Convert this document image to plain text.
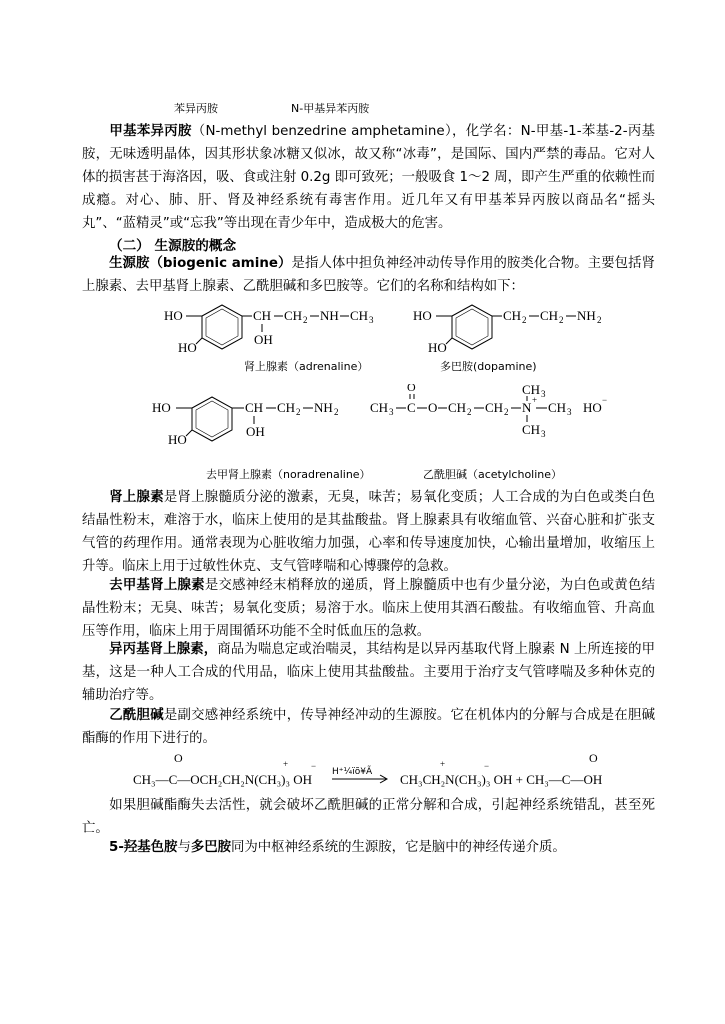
苯异丙胺	N-甲基异苯丙胺
甲基苯异丙胺（N-methyl benzedrine amphetamine），化学名：N-甲基-1-苯基-2-丙基胺，无味透明晶体，因其形状象冰糖又似冰，故又称“冰毒”，是国际、国内严禁的毒品。它对人体的损害甚于海洛因，吸、食或注射 0.2g 即可致死；一般吸食 1～2 周，即产生严重的依赖性而成瘾。对心、肺、肝、肾及神经系统有毒害作用。近几年又有甲基苯异丙胺以商品名“摇头丸”、“蓝精灵”或“忘我”等出现在青少年中，造成极大的危害。
（二） 生源胺的概念
生源胺（biogenic amine）是指人体中担负神经冲动传导作用的胺类化合物。主要包括肾上腺素、去甲基肾上腺素、乙酰胆碱和多巴胺等。它们的名称和结构如下：
HO
HO
CH
OH
CH 2 NH CH 3	HO
HO
CH 2 CH 2 NH 2
肾上腺素（adrenaline）	多巴胺(dopamine)
HO
HO
CH
OH
CH 2 NH 2 CH 3 C
O
O CH 2 CH 2 N +
CH 3
CH 3
CH 3 HO −
去甲肾上腺素（noradrenaline）	乙酰胆碱（acetylcholine）
肾上腺素是肾上腺髓质分泌的激素，无臭，味苦；易氧化变质；人工合成的为白色或类白色结晶性粉末，难溶于水，临床上使用的是其盐酸盐。肾上腺素具有收缩血管、兴奋心脏和扩张支气管的药理作用。通常表现为心脏收缩力加强，心率和传导速度加快，心输出量增加，收缩压上升等。临床上用于过敏性休克、支气管哮喘和心博骤停的急救。
去甲基肾上腺素是交感神经末梢释放的递质，肾上腺髓质中也有少量分泌，为白色或黄色结晶性粉末；无臭、味苦；易氧化变质；易溶于水。临床上使用其酒石酸盐。有收缩血管、升高血压等作用，临床上用于周围循环功能不全时低血压的急救。
异丙基肾上腺素，商品为喘息定或治喘灵，其结构是以异丙基取代肾上腺素 N 上所连接的甲基，这是一种人工合成的代用品，临床上使用其盐酸盐。主要用于治疗支气管哮喘及多种休克的辅助治疗等。
乙酰胆碱是副交感神经系统中，传导神经冲动的生源胺。它在机体内的分解与合成是在胆碱酯酶的作用下进行的。
O	+	−
CH₃—C—OCH₂CH₂N(CH₃)₃ OH H⁺¼ïõ¥Ã
+	−
O
CH₃CH₂N(CH₃)₃ OH + CH₃—C—OH
如果胆碱酯酶失去活性，就会破坏乙酰胆碱的正常分解和合成，引起神经系统错乱，甚至死亡。
5-羟基色胺与多巴胺同为中枢神经系统的生源胺，它是脑中的神经传递介质。
